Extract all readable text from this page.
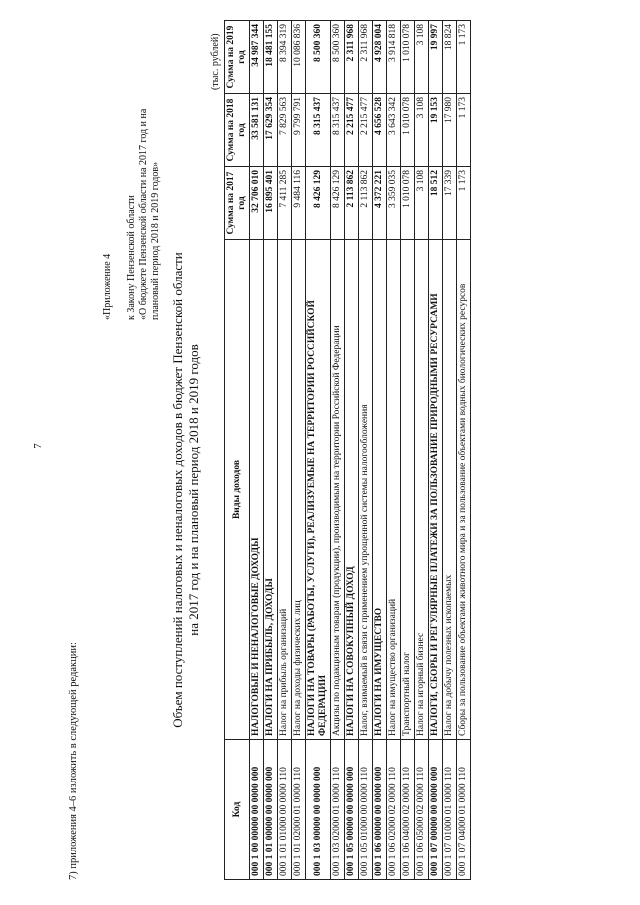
7
7) приложения 4–6 изложить в следующей редакции:
«Приложение 4 к Закону Пензенской области «О бюджете Пензенской области на 2017 год и на плановый период 2018 и 2019 годов»
Объем поступлений налоговых и неналоговых доходов в бюджет Пензенской области на 2017 год и на плановый период 2018 и 2019 годов
(тыс. рублей)
Код	Виды доходов	Сумма на 2017 год	Сумма на 2018 год	Сумма на 2019 год
000 1 00 00000 00 0000 000	НАЛОГОВЫЕ И НЕНАЛОГОВЫЕ ДОХОДЫ	32 706 010	33 581 131	34 987 344
000 1 01 00000 00 0000 000	НАЛОГИ НА ПРИБЫЛЬ, ДОХОДЫ	16 895 401	17 629 354	18 481 155
000 1 01 01000 00 0000 110	Налог на прибыль организаций	7 411 285	7 829 563	8 394 319
000 1 01 02000 01 0000 110	Налог на доходы физических лиц	9 484 116	9 799 791	10 086 836
000 1 03 00000 00 0000 000	НАЛОГИ НА ТОВАРЫ (РАБОТЫ, УСЛУГИ), РЕАЛИЗУЕМЫЕ НА ТЕРРИТОРИИ РОССИЙСКОЙ ФЕДЕРАЦИИ	8 426 129	8 315 437	8 500 360
000 1 03 02000 01 0000 110	Акцизы по подакцизным товарам (продукции), производимым на территории Российской Федерации	8 426 129	8 315 437	8 500 360
000 1 05 00000 00 0000 000	НАЛОГИ НА СОВОКУПНЫЙ ДОХОД	2 113 862	2 215 477	2 311 968
000 1 05 01000 00 0000 110	Налог, взимаемый в связи с применением упрощенной системы налогообложения	2 113 862	2 215 477	2 311 968
000 1 06 00000 00 0000 000	НАЛОГИ НА ИМУЩЕСТВО	4 372 221	4 656 528	4 928 004
000 1 06 02000 02 0000 110	Налог на имущество организаций	3 359 035	3 643 342	3 914 818
000 1 06 04000 02 0000 110	Транспортный налог	1 010 078	1 010 078	1 010 078
000 1 06 05000 02 0000 110	Налог на игорный бизнес	3 108	3 108	3 108
000 1 07 00000 00 0000 000	НАЛОГИ, СБОРЫ И РЕГУЛЯРНЫЕ ПЛАТЕЖИ ЗА ПОЛЬЗОВАНИЕ ПРИРОДНЫМИ РЕСУРСАМИ	18 512	19 153	19 997
000 1 07 01000 01 0000 110	Налог на добычу полезных ископаемых	17 339	17 980	18 824
000 1 07 04000 01 0000 110	Сборы за пользование объектами животного мира и за пользование объектами водных биологических ресурсов	1 173	1 173	1 173
